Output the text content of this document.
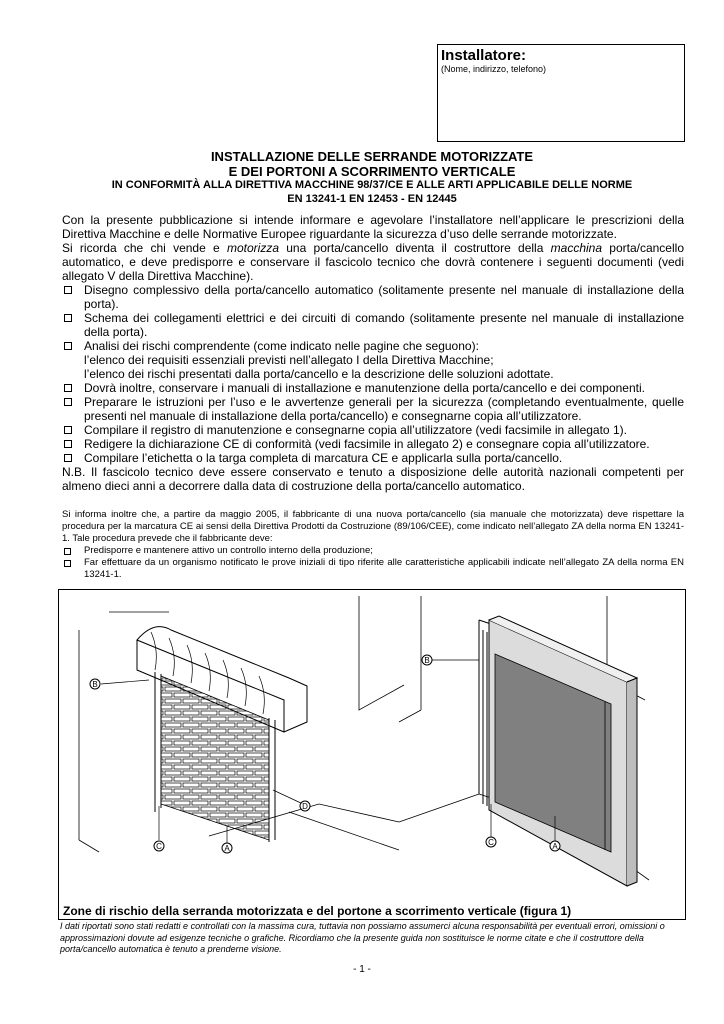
Installatore:
(Nome, indirizzo, telefono)
INSTALLAZIONE DELLE SERRANDE MOTORIZZATE
E DEI PORTONI A SCORRIMENTO VERTICALE
IN CONFORMITÀ ALLA DIRETTIVA MACCHINE 98/37/CE E ALLE ARTI APPLICABILE DELLE NORME
EN 13241-1 EN 12453 - EN 12445

Con la presente pubblicazione si intende informare e agevolare l’installatore nell’applicare le prescrizioni della Direttiva Macchine e delle Normative Europee riguardante la sicurezza d’uso delle serrande motorizzate.

Si ricorda che chi vende e motorizza una porta/cancello diventa il costruttore della macchina porta/cancello automatico, e deve predisporre e conservare il fascicolo tecnico che dovrà contenere i seguenti documenti (vedi allegato V della Direttiva Macchine).

Disegno complessivo della porta/cancello automatico (solitamente presente nel manuale di installazione della porta).

Schema dei collegamenti elettrici e dei circuiti di comando (solitamente presente nel manuale di installazione della porta).

Analisi dei rischi comprendente (come indicato nelle pagine che seguono):

l’elenco dei requisiti essenziali previsti nell’allegato I della Direttiva Macchine;

l’elenco dei rischi presentati dalla porta/cancello e la descrizione delle soluzioni adottate.

Dovrà inoltre, conservare i manuali di installazione e manutenzione della porta/cancello e dei componenti.

Preparare le istruzioni per l’uso e le avvertenze generali per la sicurezza (completando eventualmente, quelle presenti nel manuale di installazione della porta/cancello) e consegnarne copia all’utilizzatore.

Compilare il registro di manutenzione e consegnarne copia all’utilizzatore (vedi facsimile in allegato 1).

Redigere la dichiarazione CE di conformità (vedi facsimile in allegato 2) e consegnare copia all’utilizzatore.

Compilare l’etichetta o la targa completa di marcatura CE e applicarla sulla porta/cancello.

N.B. Il fascicolo tecnico deve essere conservato e tenuto a disposizione delle autorità nazionali competenti per almeno dieci anni a decorrere dalla data di costruzione della porta/cancello automatico.

Si informa inoltre che, a partire da maggio 2005, il fabbricante di una nuova porta/cancello (sia manuale che motorizzata) deve rispettare la procedura per la marcatura CE ai sensi della Direttiva Prodotti da Costruzione (89/106/CEE), come indicato nell’allegato ZA della norma EN 13241-1. Tale procedura prevede che il fabbricante deve:

Predisporre e mantenere attivo un controllo interno della produzione;

Far effettuare da un organismo notificato le prove iniziali di tipo riferite alle caratteristiche applicabili indicate nell’allegato ZA della norma EN 13241-1.

B
C	A
D
B
C	A
Zone di rischio della serranda motorizzata e del portone a scorrimento verticale (figura 1)
I dati riportati sono stati redatti e controllati con la massima cura, tuttavia non possiamo assumerci alcuna responsabilità per eventuali errori, omissioni o approssimazioni dovute ad esigenze tecniche o grafiche. Ricordiamo che la presente guida non sostituisce le norme citate e che il costruttore della porta/cancello automatica è tenuto a prenderne visione.
- 1 -
